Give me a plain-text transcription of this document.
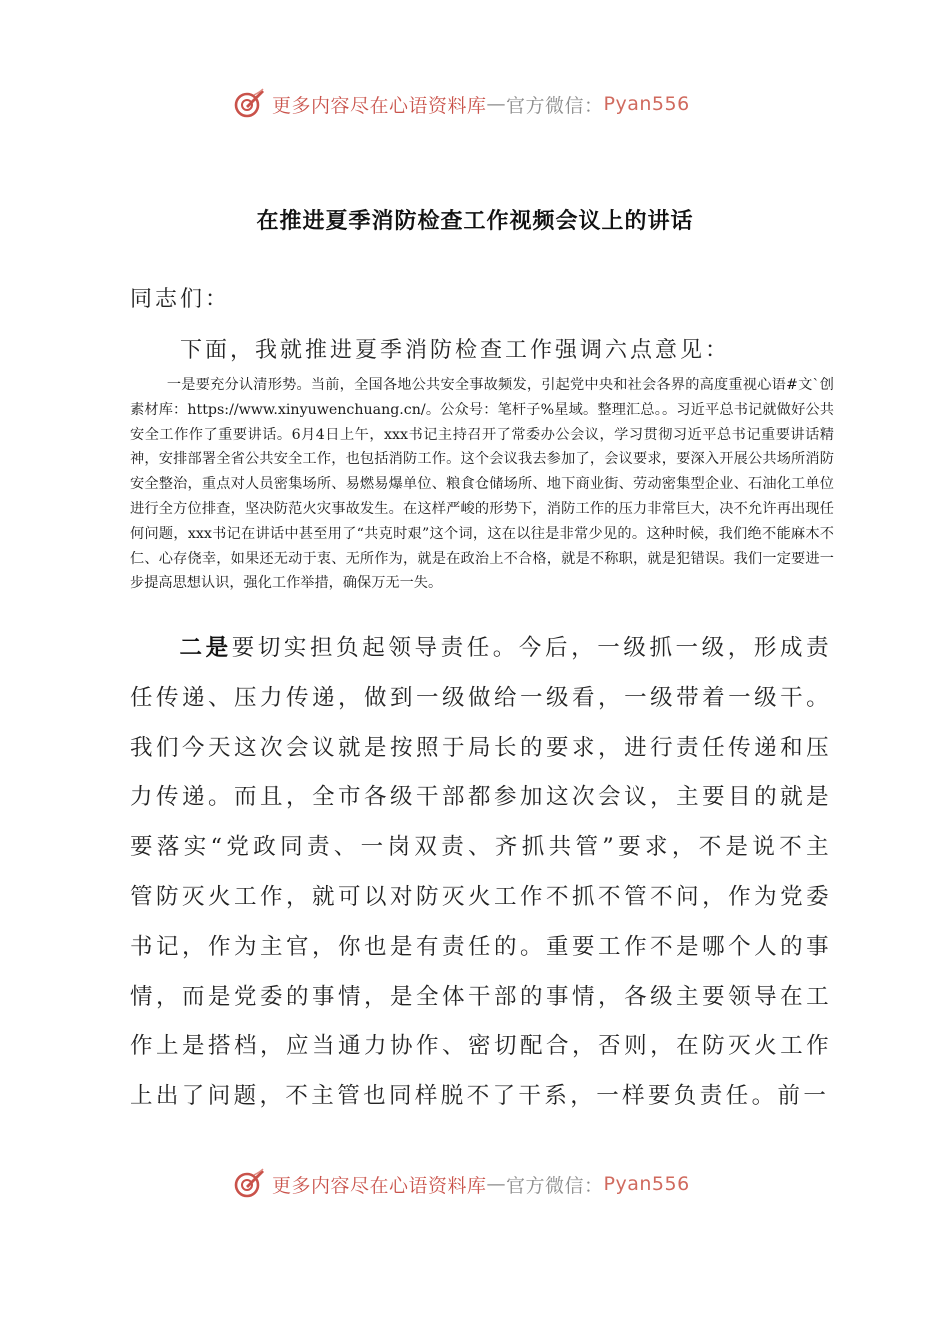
更多内容尽在心语资料库 — 官方微信： Pyan556
在推进夏季消防检查工作视频会议上的讲话
同志们：
下面，我就推进夏季消防检查工作强调六点意见：
一是要充分认清形势。当前，全国各地公共安全事故频发，引起党中央和社会各界的高度重视心语#文`创素材库：https://www.xinyuwenchuang.cn/。公众号：笔杆子%星域。整理汇总。。习近平总书记就做好公共安全工作作了重要讲话。6月4日上午，xxx书记主持召开了常委办公会议，学习贯彻习近平总书记重要讲话精神，安排部署全省公共安全工作，也包括消防工作。这个会议我去参加了，会议要求，要深入开展公共场所消防安全整治，重点对人员密集场所、易燃易爆单位、粮食仓储场所、地下商业街、劳动密集型企业、石油化工单位进行全方位排查，坚决防范火灾事故发生。在这样严峻的形势下，消防工作的压力非常巨大，决不允许再出现任何问题，xxx书记在讲话中甚至用了“共克时艰”这个词，这在以往是非常少见的。这种时候，我们绝不能麻木不仁、心存侥幸，如果还无动于衷、无所作为，就是在政治上不合格，就是不称职，就是犯错误。我们一定要进一步提高思想认识，强化工作举措，确保万无一失。
二是要切实担负起领导责任。今后，一级抓一级，形成责任传递、压力传递，做到一级做给一级看，一级带着一级干。我们今天这次会议就是按照于局长的要求，进行责任传递和压力传递。而且，全市各级干部都参加这次会议，主要目的就是要落实“党政同责、一岗双责、齐抓共管”要求，不是说不主管防灭火工作，就可以对防灭火工作不抓不管不问，作为党委书记，作为主官，你也是有责任的。重要工作不是哪个人的事情，而是党委的事情，是全体干部的事情，各级主要领导在工作上是搭档，应当通力协作、密切配合，否则，在防灭火工作上出了问题，不主管也同样脱不了干系，一样要负责任。前一
更多内容尽在心语资料库 — 官方微信： Pyan556
